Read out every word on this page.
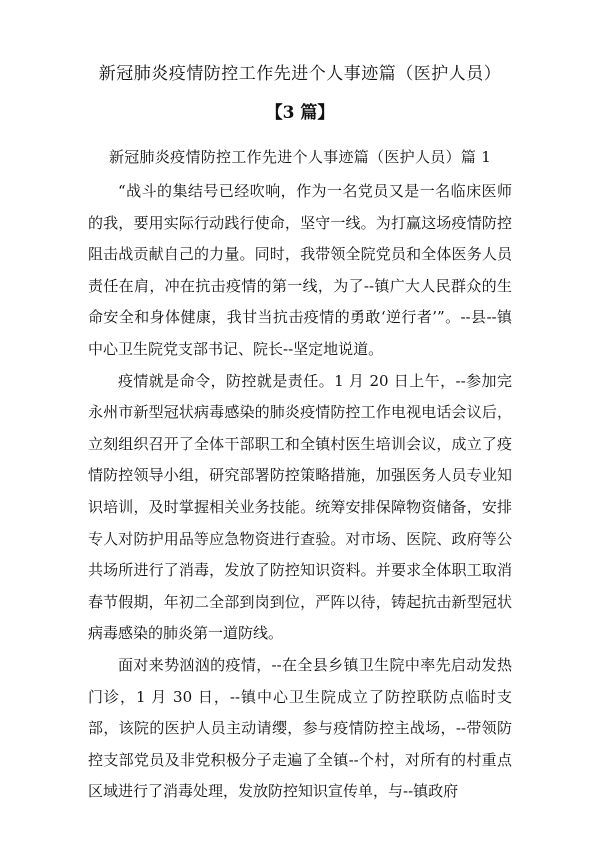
新冠肺炎疫情防控工作先进个人事迹篇（医护人员）
【3 篇】
新冠肺炎疫情防控工作先进个人事迹篇（医护人员）篇 1

“战斗的集结号已经吹响，作为一名党员又是一名临床医师的我，要用实际行动践行使命，坚守一线。为打赢这场疫情防控阻击战贡献自己的力量。同时，我带领全院党员和全体医务人员责任在肩，冲在抗击疫情的第一线，为了--镇广大人民群众的生命安全和身体健康，我甘当抗击疫情的勇敢‘逆行者’”。--县--镇中心卫生院党支部书记、院长--坚定地说道。

疫情就是命令，防控就是责任。1 月 20 日上午，--参加完永州市新型冠状病毒感染的肺炎疫情防控工作电视电话会议后，立刻组织召开了全体干部职工和全镇村医生培训会议，成立了疫情防控领导小组，研究部署防控策略措施，加强医务人员专业知识培训，及时掌握相关业务技能。统筹安排保障物资储备，安排专人对防护用品等应急物资进行查验。对市场、医院、政府等公共场所进行了消毒，发放了防控知识资料。并要求全体职工取消春节假期，年初二全部到岗到位，严阵以待，铸起抗击新型冠状病毒感染的肺炎第一道防线。

面对来势汹汹的疫情，--在全县乡镇卫生院中率先启动发热门诊，1 月 30 日，--镇中心卫生院成立了防控联防点临时支部，该院的医护人员主动请缨，参与疫情防控主战场，--带领防控支部党员及非党积极分子走遍了全镇--个村，对所有的村重点区域进行了消毒处理，发放防控知识宣传单，与--镇政府
